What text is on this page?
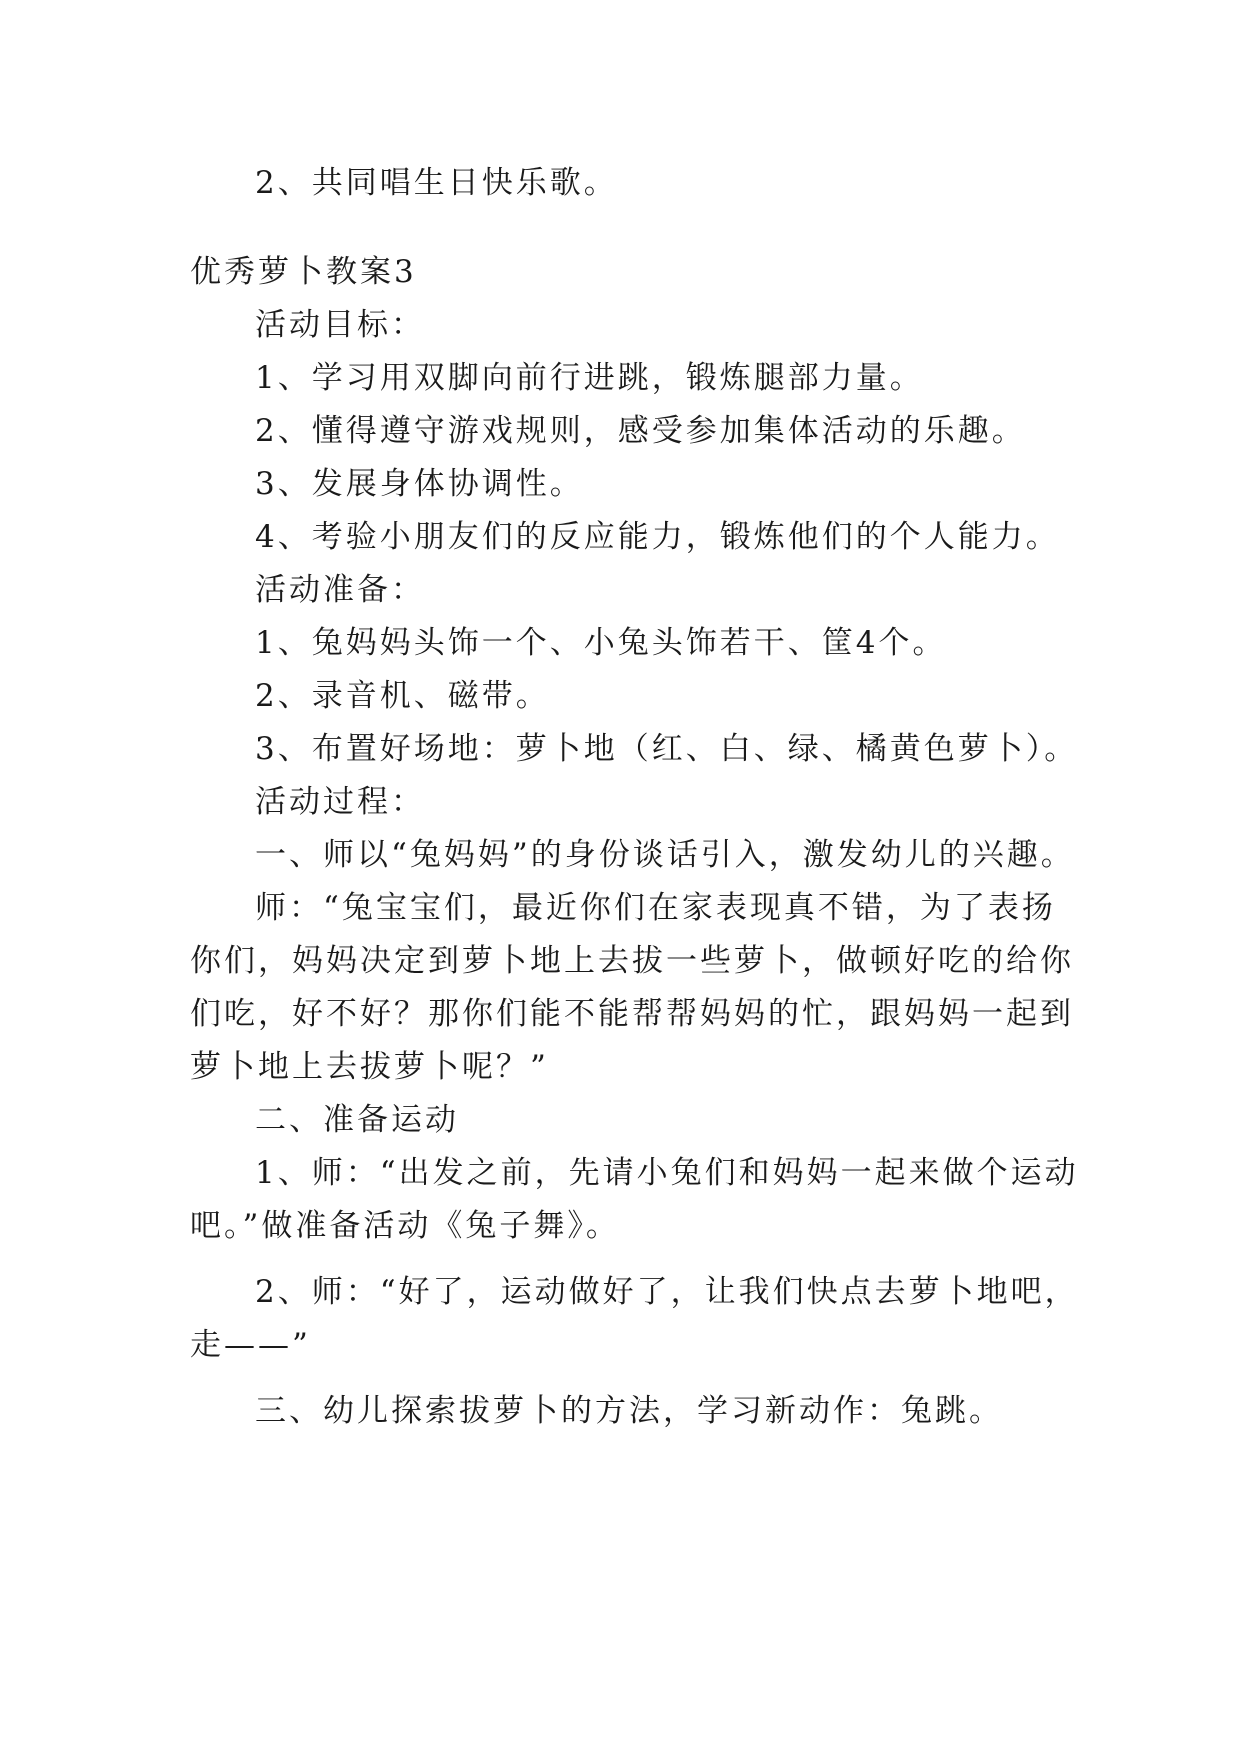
2、共同唱生日快乐歌。
优秀萝卜教案3
活动目标：
1、学习用双脚向前行进跳，锻炼腿部力量。
2、懂得遵守游戏规则，感受参加集体活动的乐趣。
3、发展身体协调性。
4、考验小朋友们的反应能力，锻炼他们的个人能力。
活动准备：
1、兔妈妈头饰一个、小兔头饰若干、筐4个。
2、录音机、磁带。
3、布置好场地：萝卜地（红、白、绿、橘黄色萝卜）。
活动过程：
一、师以“兔妈妈”的身份谈话引入，激发幼儿的兴趣。
师：“兔宝宝们，最近你们在家表现真不错，为了表扬
你们，妈妈决定到萝卜地上去拔一些萝卜，做顿好吃的给你
们吃，好不好？那你们能不能帮帮妈妈的忙，跟妈妈一起到
萝卜地上去拔萝卜呢？”
二、准备运动
1、师：“出发之前，先请小兔们和妈妈一起来做个运动
吧。”做准备活动《兔子舞》。
2、师：“好了，运动做好了，让我们快点去萝卜地吧，
走——”
三、幼儿探索拔萝卜的方法，学习新动作：兔跳。
